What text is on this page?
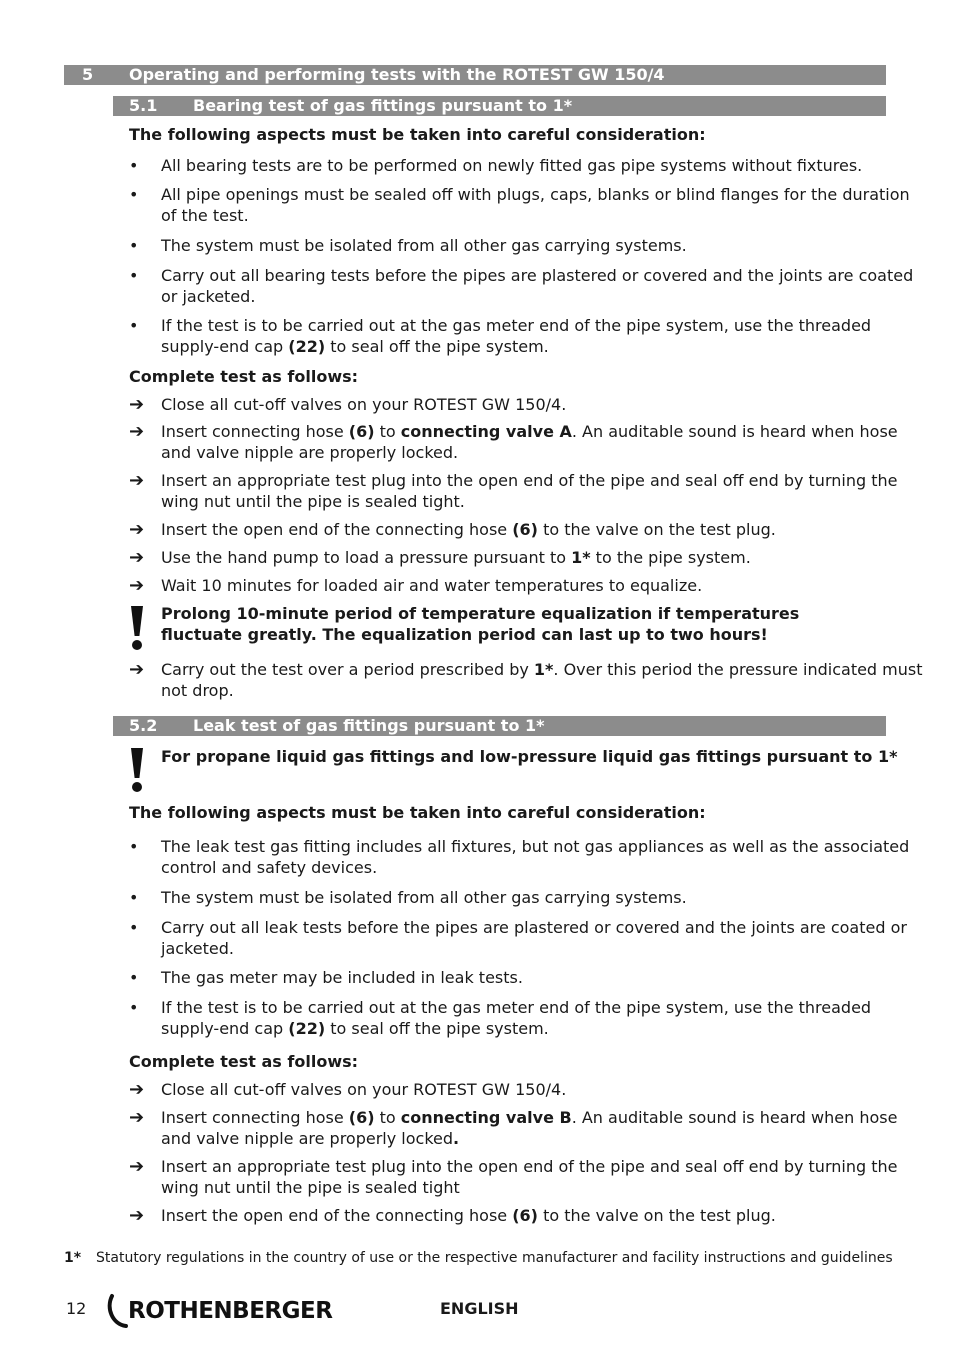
5 Operating and performing tests with the ROTEST GW 150/4
5.1 Bearing test of gas fittings pursuant to 1*
The following aspects must be taken into careful consideration:
• All bearing tests are to be performed on newly fitted gas pipe systems without fixtures.
• All pipe openings must be sealed off with plugs, caps, blanks or blind flanges for the duration
of the test.
• The system must be isolated from all other gas carrying systems.
• Carry out all bearing tests before the pipes are plastered or covered and the joints are coated
or jacketed.
• If the test is to be carried out at the gas meter end of the pipe system, use the threaded
supply-end cap (22) to seal off the pipe system.
Complete test as follows:
➔ Close all cut-off valves on your ROTEST GW 150/4.
➔ Insert connecting hose (6) to connecting valve A. An auditable sound is heard when hose
and valve nipple are properly locked.
➔ Insert an appropriate test plug into the open end of the pipe and seal off end by turning the
wing nut until the pipe is sealed tight.
➔ Insert the open end of the connecting hose (6) to the valve on the test plug.
➔ Use the hand pump to load a pressure pursuant to 1* to the pipe system.
➔ Wait 10 minutes for loaded air and water temperatures to equalize.
Prolong 10-minute period of temperature equalization if temperatures
fluctuate greatly. The equalization period can last up to two hours!
➔ Carry out the test over a period prescribed by 1*. Over this period the pressure indicated must
not drop.
5.2 Leak test of gas fittings pursuant to 1*
For propane liquid gas fittings and low-pressure liquid gas fittings pursuant to 1*
The following aspects must be taken into careful consideration:
• The leak test gas fitting includes all fixtures, but not gas appliances as well as the associated
control and safety devices.
• The system must be isolated from all other gas carrying systems.
• Carry out all leak tests before the pipes are plastered or covered and the joints are coated or
jacketed.
• The gas meter may be included in leak tests.
• If the test is to be carried out at the gas meter end of the pipe system, use the threaded
supply-end cap (22) to seal off the pipe system.
Complete test as follows:
➔ Close all cut-off valves on your ROTEST GW 150/4.
➔ Insert connecting hose (6) to connecting valve B. An auditable sound is heard when hose
and valve nipple are properly locked.
➔ Insert an appropriate test plug into the open end of the pipe and seal off end by turning the
wing nut until the pipe is sealed tight
➔ Insert the open end of the connecting hose (6) to the valve on the test plug.
1* Statutory regulations in the country of use or the respective manufacturer and facility instructions and guidelines
12 ROTHENBERGER	ENGLISH
